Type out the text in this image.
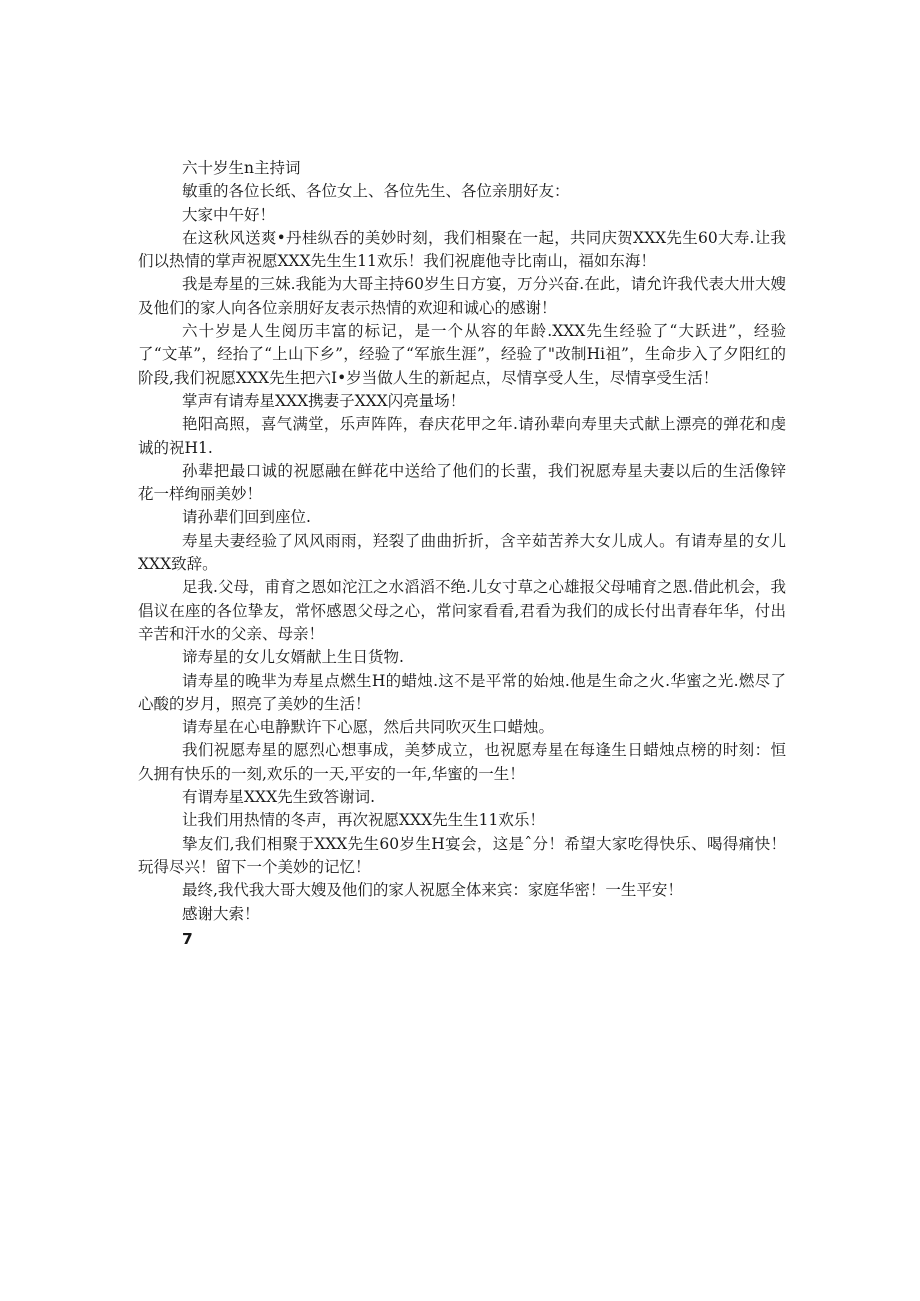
六十岁生n主持词

敏重的各位长纸、各位女上、各位先生、各位亲朋好友：

大家中午好！

在这秋风送爽•丹桂纵吞的美妙时刻，我们相聚在一起，共同庆贺XXX先生60大寿.让我们以热情的掌声祝愿XXX先生生11欢乐！我们祝鹿他寺比南山，福如东海！

我是寿星的三妹.我能为大哥主持60岁生日方宴，万分兴奋.在此，请允许我代表大卅大嫂及他们的家人向各位亲朋好友表示热情的欢迎和诚心的感谢！

六十岁是人生阅历丰富的标记，是一个从容的年龄.XXX先生经验了“大跃进”，经验了“文革”，经抬了“上山下乡”，经验了“军旅生涯”，经验了"改制Hi祖”，生命步入了夕阳红的阶段,我们祝愿XXX先生把六I•岁当做人生的新起点，尽情享受人生，尽情享受生活！

掌声有请寿星XXX携妻子XXX闪亮量场！

艳阳高照，喜气满堂，乐声阵阵，春庆花甲之年.请孙辈向寿里夫式献上漂亮的弹花和虔诚的祝H1.

孙辈把最口诚的祝愿融在鲜花中送给了他们的长蜚，我们祝愿寿星夫妻以后的生活像锌花一样绚丽美妙！

请孙辈们回到座位.

寿星夫妻经验了风风雨雨，羟裂了曲曲折折，含辛茹苦养大女儿成人。有请寿星的女儿XXX致辞。

足我.父母，甫育之恩如沱江之水滔滔不绝.儿女寸草之心雄报父母哺育之恩.借此机会，我倡议在座的各位挚友，常怀感恩父母之心，常问家看看,君看为我们的成长付出青春年华，付出辛苦和汗水的父亲、母亲！

谛寿星的女儿女婿献上生日货物.

请寿星的晚芈为寿星点燃生H的蜡烛.这不是平常的始烛.他是生命之火.华蜜之光.燃尽了心酸的岁月，照亮了美妙的生活！

请寿星在心电静默许下心愿，然后共同吹灭生口蜡烛。

我们祝愿寿星的愿烈心想事成，美梦成立，也祝愿寿星在每逢生日蜡烛点榜的时刻：恒久拥有快乐的一刻,欢乐的一天,平安的一年,华蜜的一生！

有谓寿星XXX先生致答谢词.

让我们用热情的冬声，再次祝愿XXX先生生11欢乐！

挚友们,我们相聚于XXX先生60岁生H宴会，这是ˆ分！希望大家吃得快乐、喝得痛快！玩得尽兴！留下一个美妙的记忆！

最终,我代我大哥大嫂及他们的家人祝愿全体来宾：家庭华密！一生平安！

感谢大索！

7
